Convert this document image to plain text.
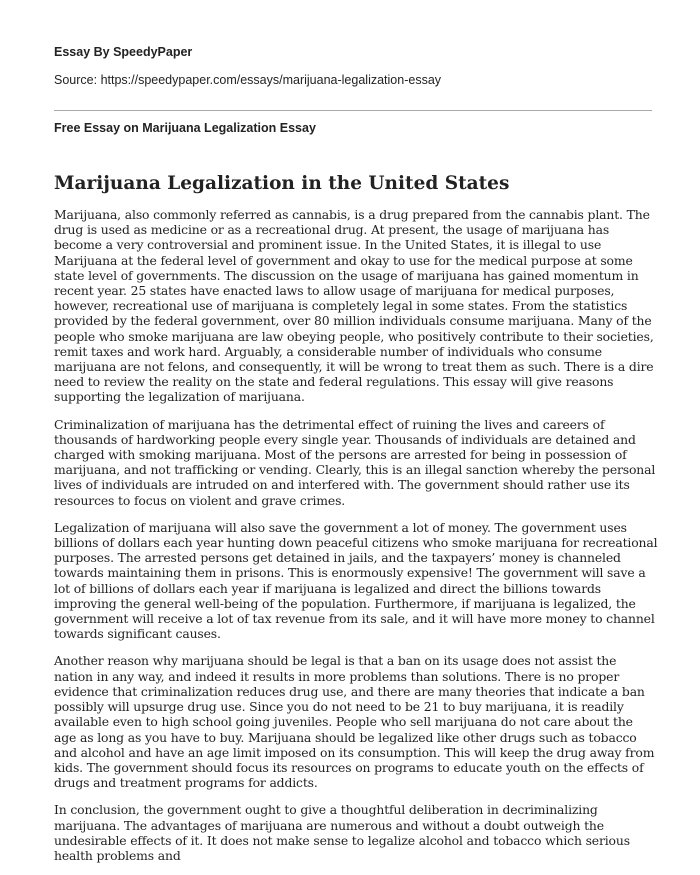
Essay By SpeedyPaper
Source: https://speedypaper.com/essays/marijuana-legalization-essay
Free Essay on Marijuana Legalization Essay
Marijuana Legalization in the United States

Marijuana, also commonly referred as cannabis, is a drug prepared from the cannabis plant. The drug is used as medicine or as a recreational drug. At present, the usage of marijuana has become a very controversial and prominent issue. In the United States, it is illegal to use Marijuana at the federal level of government and okay to use for the medical purpose at some state level of governments. The discussion on the usage of marijuana has gained momentum in recent year. 25 states have enacted laws to allow usage of marijuana for medical purposes, however, recreational use of marijuana is completely legal in some states. From the statistics provided by the federal government, over 80 million individuals consume marijuana. Many of the people who smoke marijuana are law obeying people, who positively contribute to their societies, remit taxes and work hard. Arguably, a considerable number of individuals who consume marijuana are not felons, and consequently, it will be wrong to treat them as such. There is a dire need to review the reality on the state and federal regulations. This essay will give reasons supporting the legalization of marijuana.

Criminalization of marijuana has the detrimental effect of ruining the lives and careers of thousands of hardworking people every single year. Thousands of individuals are detained and charged with smoking marijuana. Most of the persons are arrested for being in possession of marijuana, and not trafficking or vending. Clearly, this is an illegal sanction whereby the personal lives of individuals are intruded on and interfered with. The government should rather use its resources to focus on violent and grave crimes.

Legalization of marijuana will also save the government a lot of money. The government uses billions of dollars each year hunting down peaceful citizens who smoke marijuana for recreational purposes. The arrested persons get detained in jails, and the taxpayers’ money is channeled towards maintaining them in prisons. This is enormously expensive! The government will save a lot of billions of dollars each year if marijuana is legalized and direct the billions towards improving the general well-being of the population. Furthermore, if marijuana is legalized, the government will receive a lot of tax revenue from its sale, and it will have more money to channel towards significant causes.

Another reason why marijuana should be legal is that a ban on its usage does not assist the nation in any way, and indeed it results in more problems than solutions. There is no proper evidence that criminalization reduces drug use, and there are many theories that indicate a ban possibly will upsurge drug use. Since you do not need to be 21 to buy marijuana, it is readily available even to high school going juveniles. People who sell marijuana do not care about the age as long as you have to buy. Marijuana should be legalized like other drugs such as tobacco and alcohol and have an age limit imposed on its consumption. This will keep the drug away from kids. The government should focus its resources on programs to educate youth on the effects of drugs and treatment programs for addicts.

In conclusion, the government ought to give a thoughtful deliberation in decriminalizing marijuana. The advantages of marijuana are numerous and without a doubt outweigh the undesirable effects of it. It does not make sense to legalize alcohol and tobacco which serious health problems and
